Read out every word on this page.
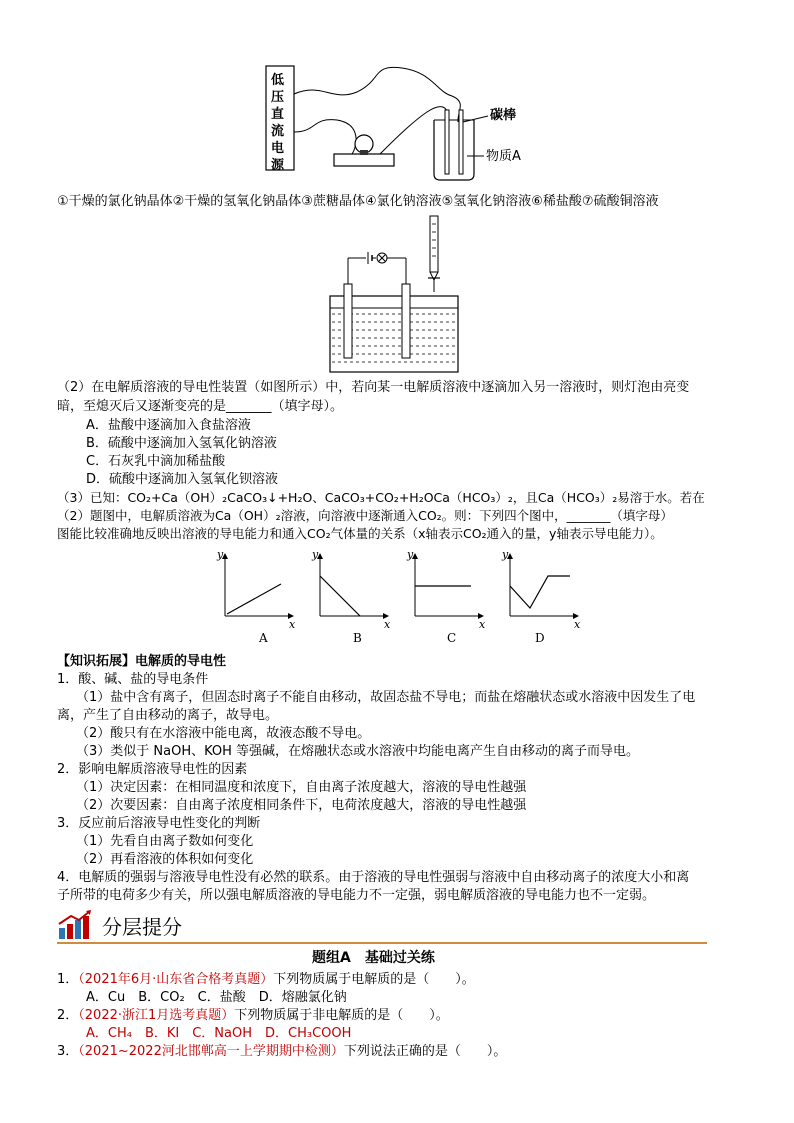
低压直流电源
碳棒
物质A
①干燥的氯化钠晶体②干燥的氢氧化钠晶体③蔗糖晶体④氯化钠溶液⑤氢氧化钠溶液⑥稀盐酸⑦硫酸铜溶液
（2）在电解质溶液的导电性装置（如图所示）中，若向某一电解质溶液中逐滴加入另一溶液时，则灯泡由亮变
暗，至熄灭后又逐渐变亮的是_______（填字母）。
A．盐酸中逐滴加入食盐溶液
B．硫酸中逐滴加入氢氧化钠溶液
C．石灰乳中滴加稀盐酸
D．硫酸中逐滴加入氢氧化钡溶液
（3）已知：CO₂+Ca（OH）₂CaCO₃↓+H₂O、CaCO₃+CO₂+H₂OCa（HCO₃）₂，且Ca（HCO₃）₂易溶于水。若在
（2）题图中，电解质溶液为Ca（OH）₂溶液，向溶液中逐渐通入CO₂。则：下列四个图中，_______（填字母）
图能比较准确地反映出溶液的导电能力和通入CO₂气体量的关系（x轴表示CO₂通入的量，y轴表示导电能力）。
y
x
y
x
y
x
y
x
A	B	C	D
【知识拓展】电解质的导电性
1．酸、碱、盐的导电条件
（1）盐中含有离子，但固态时离子不能自由移动，故固态盐不导电；而盐在熔融状态或水溶液中因发生了电
离，产生了自由移动的离子，故导电。
（2）酸只有在水溶液中能电离，故液态酸不导电。
（3）类似于 NaOH、KOH 等强碱，在熔融状态或水溶液中均能电离产生自由移动的离子而导电。
2．影响电解质溶液导电性的因素
（1）决定因素：在相同温度和浓度下，自由离子浓度越大，溶液的导电性越强
（2）次要因素：自由离子浓度相同条件下，电荷浓度越大，溶液的导电性越强
3．反应前后溶液导电性变化的判断
（1）先看自由离子数如何变化
（2）再看溶液的体积如何变化
4．电解质的强弱与溶液导电性没有必然的联系。由于溶液的导电性强弱与溶液中自由移动离子的浓度大小和离
子所带的电荷多少有关，所以强电解质溶液的导电能力不一定强，弱电解质溶液的导电能力也不一定弱。
分层提分
题组A　基础过关练
1．（2021年6月·山东省合格考真题）下列物质属于电解质的是（　　）。
A．Cu　B．CO₂　C．盐酸　D．熔融氯化钠
2．（2022·浙江1月选考真题）下列物质属于非电解质的是（　　）。
A．CH₄　B．KI　C．NaOH　D．CH₃COOH
3．（2021~2022河北邯郸高一上学期期中检测）下列说法正确的是（　　）。
